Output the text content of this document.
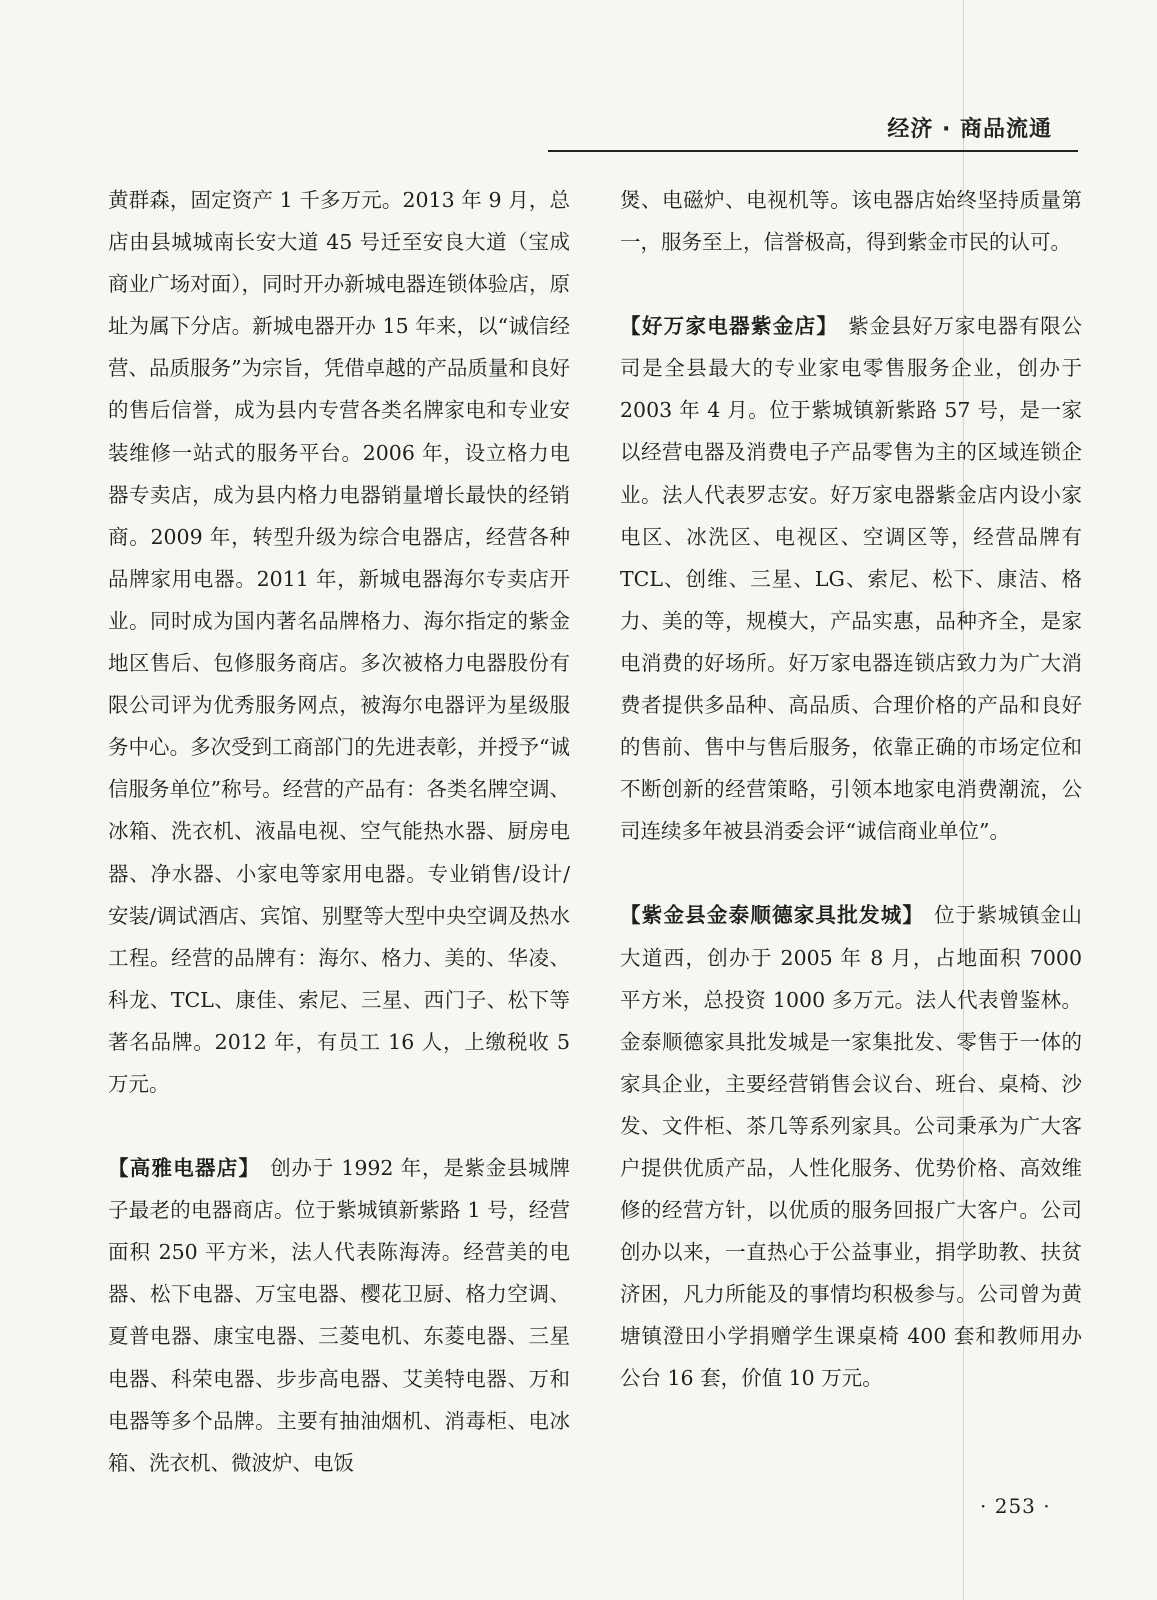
经济 · 商品流通

黄群森，固定资产 1 千多万元。2013 年 9 月，总店由县城城南长安大道 45 号迁至安良大道（宝成商业广场对面），同时开办新城电器连锁体验店，原址为属下分店。新城电器开办 15 年来，以“诚信经营、品质服务”为宗旨，凭借卓越的产品质量和良好的售后信誉，成为县内专营各类名牌家电和专业安装维修一站式的服务平台。2006 年，设立格力电器专卖店，成为县内格力电器销量增长最快的经销商。2009 年，转型升级为综合电器店，经营各种品牌家用电器。2011 年，新城电器海尔专卖店开业。同时成为国内著名品牌格力、海尔指定的紫金地区售后、包修服务商店。多次被格力电器股份有限公司评为优秀服务网点，被海尔电器评为星级服务中心。多次受到工商部门的先进表彰，并授予“诚信服务单位”称号。经营的产品有：各类名牌空调、冰箱、洗衣机、液晶电视、空气能热水器、厨房电器、净水器、小家电等家用电器。专业销售/设计/安装/调试酒店、宾馆、别墅等大型中央空调及热水工程。经营的品牌有：海尔、格力、美的、华凌、科龙、TCL、康佳、索尼、三星、西门子、松下等著名品牌。2012 年，有员工 16 人，上缴税收 5 万元。

【高雅电器店】 创办于 1992 年，是紫金县城牌子最老的电器商店。位于紫城镇新紫路 1 号，经营面积 250 平方米，法人代表陈海涛。经营美的电器、松下电器、万宝电器、樱花卫厨、格力空调、夏普电器、康宝电器、三菱电机、东菱电器、三星电器、科荣电器、步步高电器、艾美特电器、万和电器等多个品牌。主要有抽油烟机、消毒柜、电冰箱、洗衣机、微波炉、电饭

煲、电磁炉、电视机等。该电器店始终坚持质量第一，服务至上，信誉极高，得到紫金市民的认可。

【好万家电器紫金店】 紫金县好万家电器有限公司是全县最大的专业家电零售服务企业，创办于 2003 年 4 月。位于紫城镇新紫路 57 号，是一家以经营电器及消费电子产品零售为主的区域连锁企业。法人代表罗志安。好万家电器紫金店内设小家电区、冰洗区、电视区、空调区等，经营品牌有 TCL、创维、三星、LG、索尼、松下、康洁、格力、美的等，规模大，产品实惠，品种齐全，是家电消费的好场所。好万家电器连锁店致力为广大消费者提供多品种、高品质、合理价格的产品和良好的售前、售中与售后服务，依靠正确的市场定位和不断创新的经营策略，引领本地家电消费潮流，公司连续多年被县消委会评“诚信商业单位”。

【紫金县金泰顺德家具批发城】 位于紫城镇金山大道西，创办于 2005 年 8 月，占地面积 7000 平方米，总投资 1000 多万元。法人代表曾鉴林。金泰顺德家具批发城是一家集批发、零售于一体的家具企业，主要经营销售会议台、班台、桌椅、沙发、文件柜、茶几等系列家具。公司秉承为广大客户提供优质产品，人性化服务、优势价格、高效维修的经营方针，以优质的服务回报广大客户。公司创办以来，一直热心于公益事业，捐学助教、扶贫济困，凡力所能及的事情均积极参与。公司曾为黄塘镇澄田小学捐赠学生课桌椅 400 套和教师用办公台 16 套，价值 10 万元。

· 253 ·
